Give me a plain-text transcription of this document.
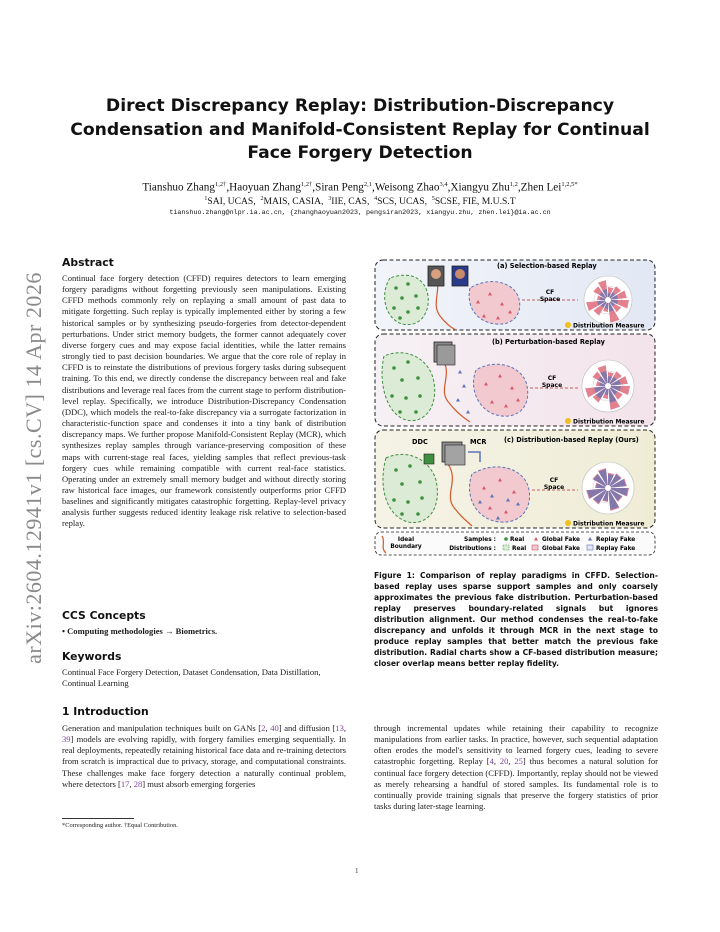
arXiv:2604.12941v1 [cs.CV] 14 Apr 2026
Direct Discrepancy Replay: Distribution-Discrepancy Condensation and Manifold-Consistent Replay for Continual Face Forgery Detection
Tianshuo Zhang$^{1,2\dagger}$,Haoyuan Zhang$^{1,2\dagger}$,Siran Peng$^{2,1}$,Weisong Zhao$^{3,4}$,Xiangyu Zhu$^{1,2}$,Zhen Lei$^{1,2,5*}$
$^1$SAI, UCAS,  $^2$MAIS, CASIA,  $^3$IIE, CAS,  $^4$SCS, UCAS,  $^5$SCSE, FIE, M.U.S.T
tianshuo.zhang@nlpr.ia.ac.cn, {zhanghaoyuan2023, pengsiran2023, xiangyu.zhu, zhen.lei}@ia.ac.cn
Abstract

Continual face forgery detection (CFFD) requires detectors to learn emerging forgery paradigms without forgetting previously seen manipulations. Existing CFFD methods commonly rely on replaying a small amount of past data to mitigate forgetting. Such replay is typically implemented either by storing a few historical samples or by synthesizing pseudo-forgeries from detector-dependent perturbations. Under strict memory budgets, the former cannot adequately cover diverse forgery cues and may expose facial identities, while the latter remains strongly tied to past decision boundaries. We argue that the core role of replay in CFFD is to reinstate the distributions of previous forgery tasks during subsequent training. To this end, we directly condense the discrepancy between real and fake distributions and leverage real faces from the current stage to perform distribution-level replay. Specifically, we introduce Distribution-Discrepancy Condensation (DDC), which models the real-to-fake discrepancy via a surrogate factorization in characteristic-function space and condenses it into a tiny bank of distribution discrepancy maps. We further propose Manifold-Consistent Replay (MCR), which synthesizes replay samples through variance-preserving composition of these maps with current-stage real faces, yielding samples that reflect previous-task forgery cues while remaining compatible with current real-face statistics. Operating under an extremely small memory budget and without directly storing raw historical face images, our framework consistently outperforms prior CFFD baselines and significantly mitigates catastrophic forgetting. Replay-level privacy analysis further suggests reduced identity leakage risk relative to selection-based replay.

CCS Concepts

• Computing methodologies → Biometrics.

Keywords

Continual Face Forgery Detection, Dataset Condensation, Data Distillation, Continual Learning

1 Introduction

Generation and manipulation techniques built on GANs [2, 40] and diffusion [13, 39] models are evolving rapidly, with forgery families emerging sequentially. In real deployments, repeatedly retaining historical face data and re-training detectors from scratch is impractical due to privacy, storage, and computational constraints. These challenges make face forgery detection a naturally continual problem, where detectors [17, 28] must absorb emerging forgeries

through incremental updates while retaining their capability to recognize manipulations from earlier tasks. In practice, however, such sequential adaptation often erodes the model's sensitivity to learned forgery cues, leading to severe catastrophic forgetting. Replay [4, 20, 25] thus becomes a natural solution for continual face forgery detection (CFFD). Importantly, replay should not be viewed as merely rehearsing a handful of stored samples. Its fundamental role is to continually provide training signals that preserve the forgery statistics of prior tasks during later-stage learning.

*Corresponding author. †Equal Contribution.
1
CF Space
(a) Selection-based Replay
Distribution Measure
CF Space
(b) Perturbation-based Replay
Distribution Measure
DDC	MCR
CF Space
(c) Distribution-based Replay (Ours)
Distribution Measure
Ideal Boundary
Samples :
Distributions :
Real	Global Fake	Replay Fake
Real	Global Fake	Replay Fake

Figure 1: Comparison of replay paradigms in CFFD. Selection-based replay uses sparse support samples and only coarsely approximates the previous fake distribution. Perturbation-based replay preserves boundary-related signals but ignores distribution alignment. Our method condenses the real-to-fake discrepancy and unfolds it through MCR in the next stage to produce replay samples that better match the previous fake distribution. Radial charts show a CF-based distribution measure; closer overlap means better replay fidelity.
